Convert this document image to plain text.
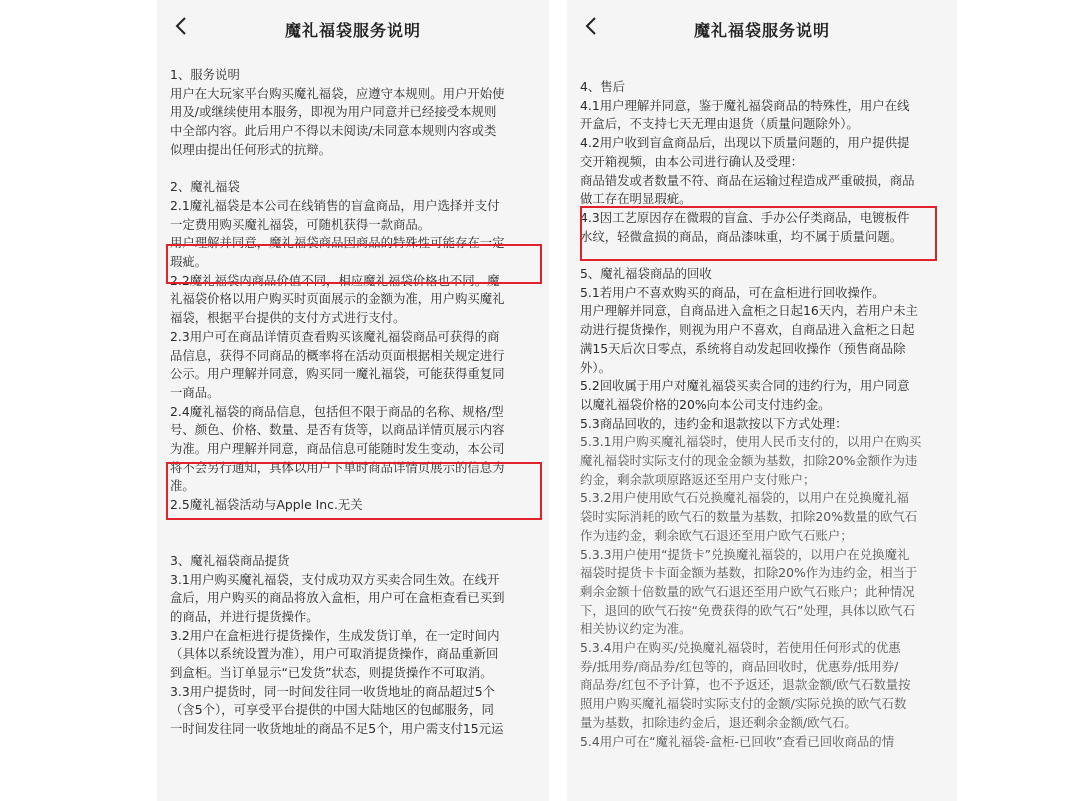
魔礼福袋服务说明

1、服务说明

用户在大玩家平台购买魔礼福袋，应遵守本规则。用户开始使

用及/或继续使用本服务，即视为用户同意并已经接受本规则

中全部内容。此后用户不得以未阅读/未同意本规则内容或类

似理由提出任何形式的抗辩。

2、魔礼福袋

2.1魔礼福袋是本公司在线销售的盲盒商品，用户选择并支付

一定费用购买魔礼福袋，可随机获得一款商品。

用户理解并同意，魔礼福袋商品因商品的特殊性可能存在一定

瑕疵。

2.2魔礼福袋内商品价值不同，相应魔礼福袋价格也不同。魔

礼福袋价格以用户购买时页面展示的金额为准，用户购买魔礼

福袋，根据平台提供的支付方式进行支付。

2.3用户可在商品详情页查看购买该魔礼福袋商品可获得的商

品信息，获得不同商品的概率将在活动页面根据相关规定进行

公示。用户理解并同意，购买同一魔礼福袋，可能获得重复同

一商品。

2.4魔礼福袋的商品信息，包括但不限于商品的名称、规格/型

号、颜色、价格、数量、是否有货等，以商品详情页展示内容

为准。用户理解并同意，商品信息可能随时发生变动，本公司

将不会另行通知，具体以用户下单时商品详情页展示的信息为

准。

2.5魔礼福袋活动与Apple Inc.无关

3、魔礼福袋商品提货

3.1用户购买魔礼福袋，支付成功双方买卖合同生效。在线开

盒后，用户购买的商品将放入盒柜，用户可在盒柜查看已买到

的商品，并进行提货操作。

3.2用户在盒柜进行提货操作，生成发货订单，在一定时间内

（具体以系统设置为准），用户可取消提货操作，商品重新回

到盒柜。当订单显示“已发货”状态，则提货操作不可取消。

3.3用户提货时，同一时间发往同一收货地址的商品超过5个

（含5个），可享受平台提供的中国大陆地区的包邮服务，同

一时间发往同一收货地址的商品不足5个，用户需支付15元运

魔礼福袋服务说明

4、售后

4.1用户理解并同意，鉴于魔礼福袋商品的特殊性，用户在线

开盒后，不支持七天无理由退货（质量问题除外）。

4.2用户收到盲盒商品后，出现以下质量问题的，用户提供提

交开箱视频，由本公司进行确认及受理：

商品错发或者数量不符、商品在运输过程造成严重破损，商品

做工存在明显瑕疵。

4.3因工艺原因存在微瑕的盲盒、手办公仔类商品，电镀板件

水纹，轻微盒损的商品，商品漆味重，均不属于质量问题。

5、魔礼福袋商品的回收

5.1若用户不喜欢购买的商品，可在盒柜进行回收操作。

用户理解并同意，自商品进入盒柜之日起16天内，若用户未主

动进行提货操作，则视为用户不喜欢，自商品进入盒柜之日起

满15天后次日零点，系统将自动发起回收操作（预售商品除

外）。

5.2回收属于用户对魔礼福袋买卖合同的违约行为，用户同意

以魔礼福袋价格的20%向本公司支付违约金。

5.3商品回收的，违约金和退款按以下方式处理：

5.3.1用户购买魔礼福袋时，使用人民币支付的，以用户在购买

魔礼福袋时实际支付的现金金额为基数，扣除20%金额作为违

约金，剩余款项原路返还至用户支付账户；

5.3.2用户使用欧气石兑换魔礼福袋的，以用户在兑换魔礼福

袋时实际消耗的欧气石的数量为基数，扣除20%数量的欧气石

作为违约金，剩余欧气石退还至用户欧气石账户；

5.3.3用户使用“提货卡”兑换魔礼福袋的，以用户在兑换魔礼

福袋时提货卡卡面金额为基数，扣除20%作为违约金，相当于

剩余金额十倍数量的欧气石退还至用户欧气石账户；此种情况

下，退回的欧气石按“免费获得的欧气石”处理，具体以欧气石

相关协议约定为准。

5.3.4用户在购买/兑换魔礼福袋时，若使用任何形式的优惠

券/抵用券/商品券/红包等的，商品回收时，优惠券/抵用券/

商品券/红包不予计算，也不予返还，退款金额/欧气石数量按

照用户购买魔礼福袋时实际支付的金额/实际兑换的欧气石数

量为基数，扣除违约金后，退还剩余金额/欧气石。

5.4用户可在“魔礼福袋-盒柜-已回收”查看已回收商品的情
